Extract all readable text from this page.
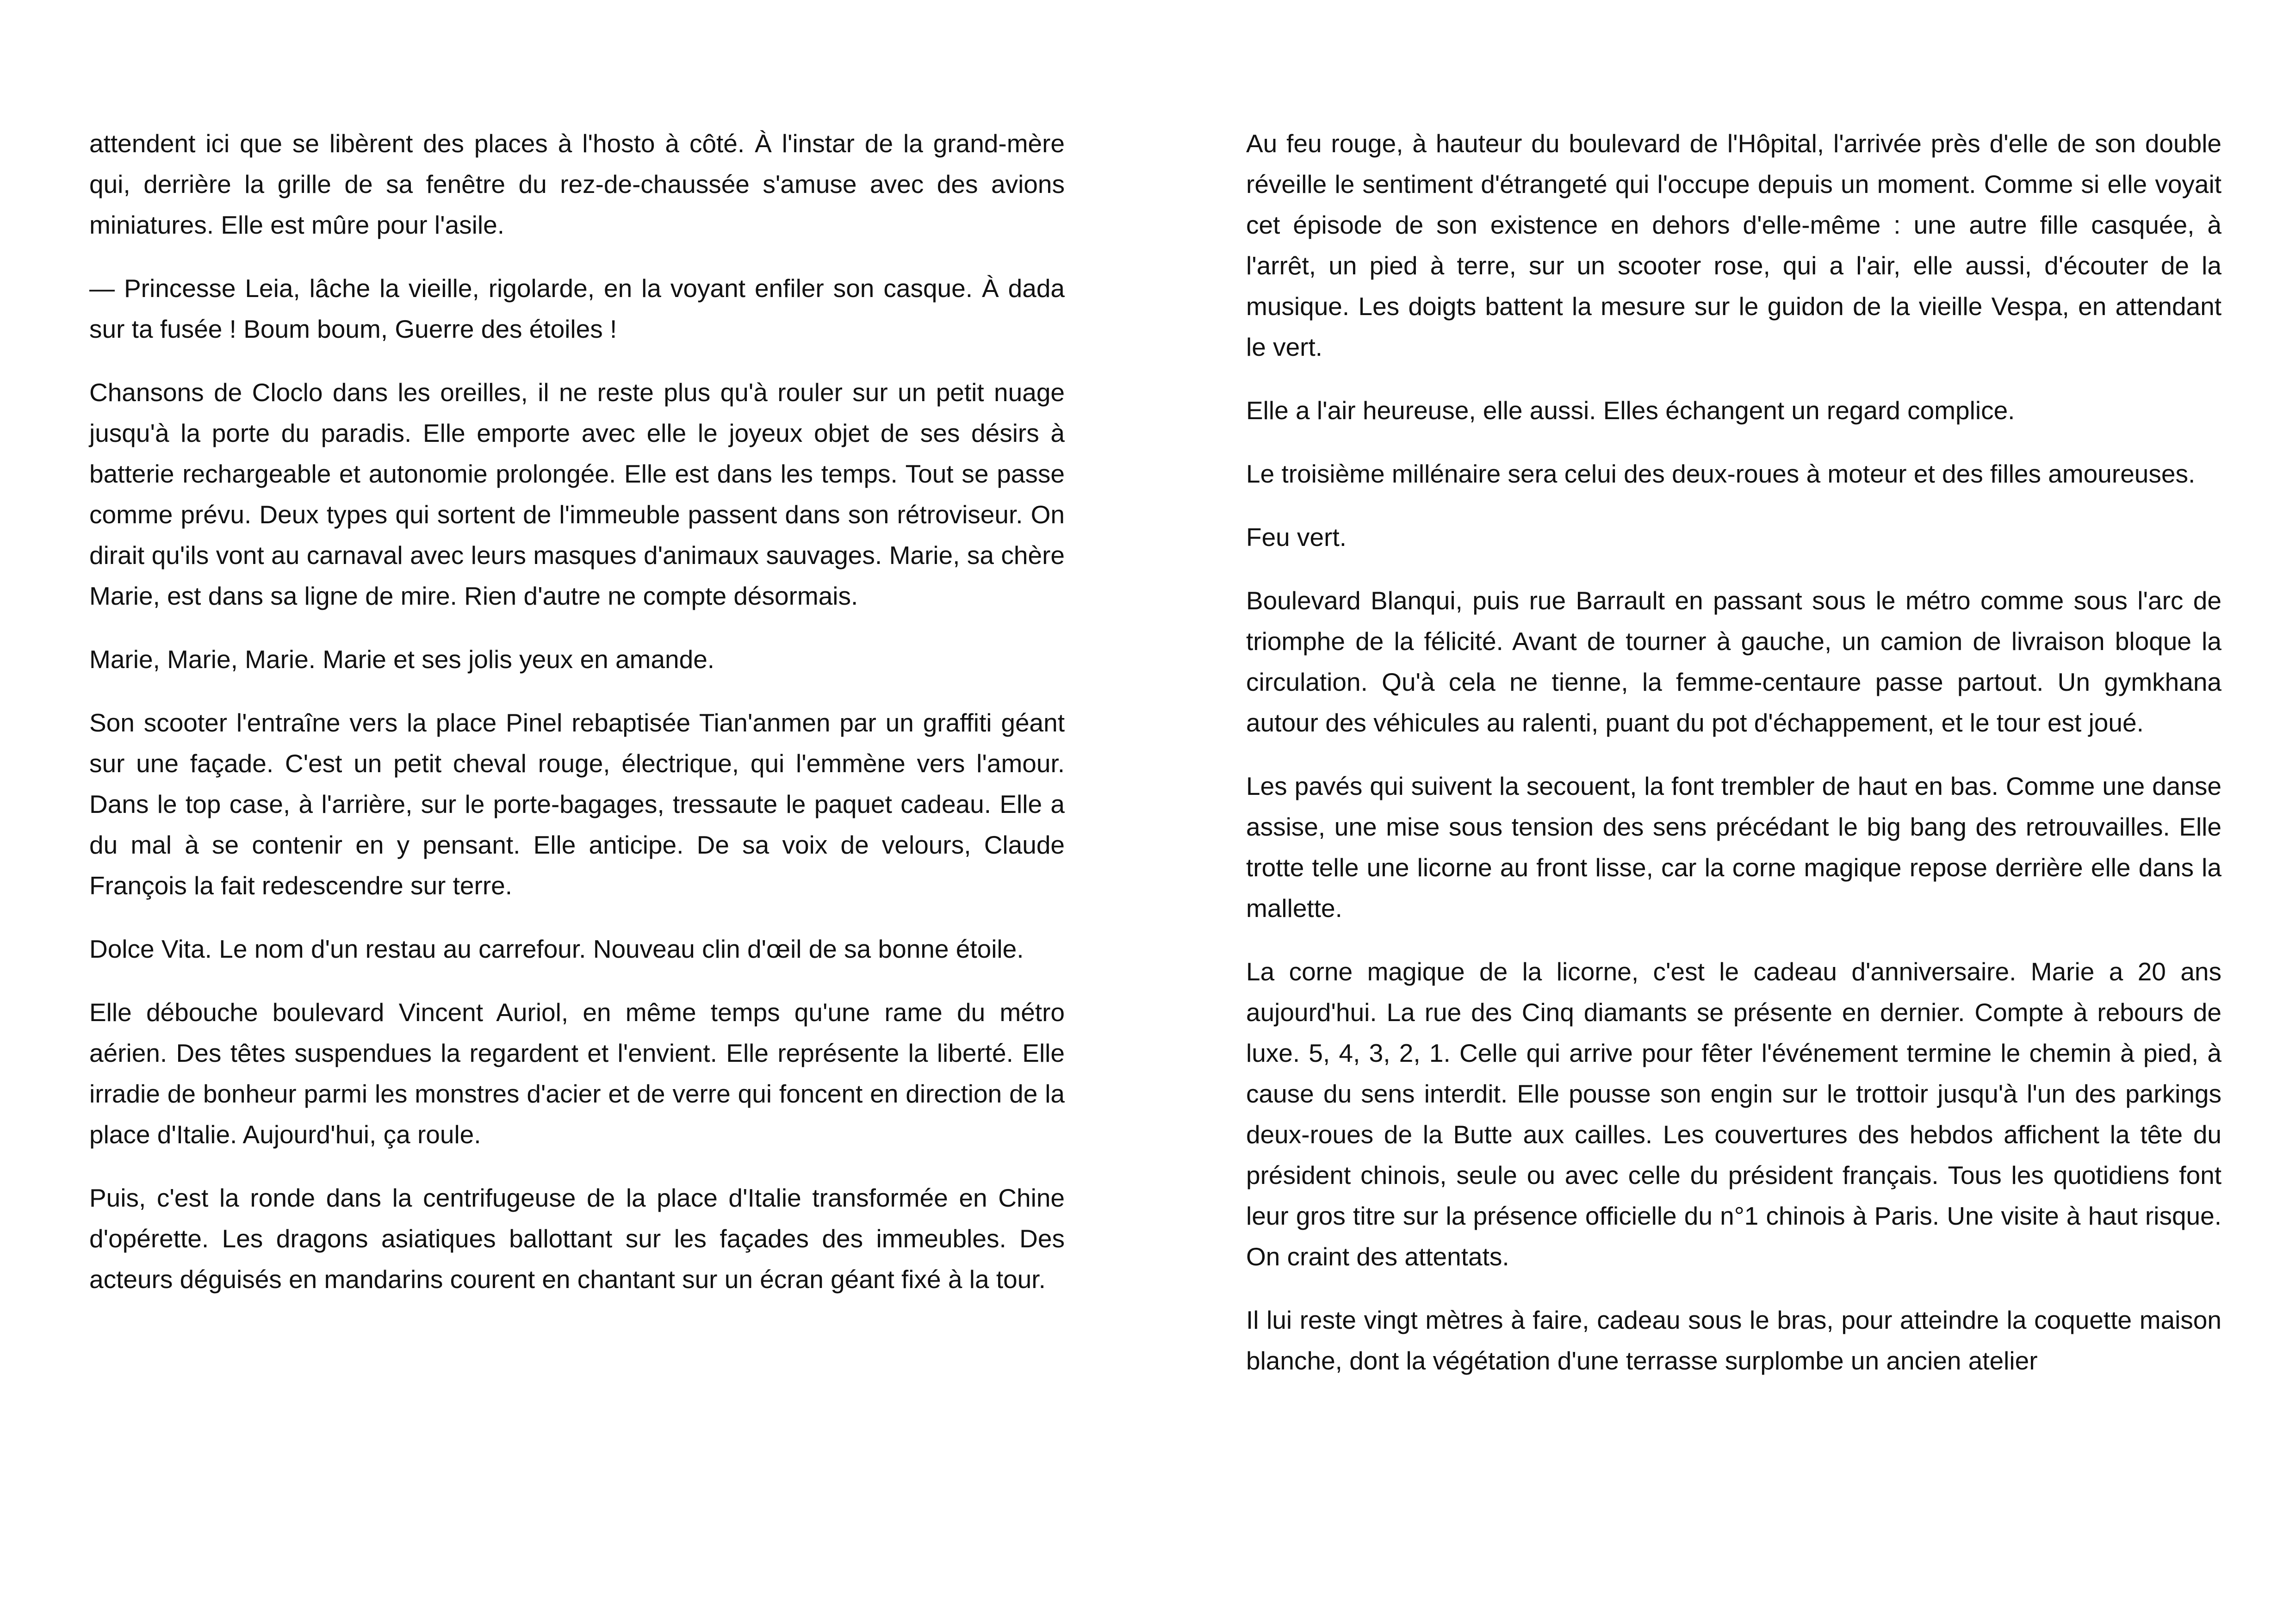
attendent ici que se libèrent des places à l'hosto à côté. À l'instar de la grand-mère qui, derrière la grille de sa fenêtre du rez-de-chaussée s'amuse avec des avions miniatures. Elle est mûre pour l'asile.

— Princesse Leia, lâche la vieille, rigolarde, en la voyant enfiler son casque. À dada sur ta fusée ! Boum boum, Guerre des étoiles !

Chansons de Cloclo dans les oreilles, il ne reste plus qu'à rouler sur un petit nuage jusqu'à la porte du paradis. Elle emporte avec elle le joyeux objet de ses désirs à batterie rechargeable et autonomie prolongée. Elle est dans les temps. Tout se passe comme prévu. Deux types qui sortent de l'immeuble passent dans son rétroviseur. On dirait qu'ils vont au carnaval avec leurs masques d'animaux sauvages. Marie, sa chère Marie, est dans sa ligne de mire. Rien d'autre ne compte désormais.

Marie, Marie, Marie. Marie et ses jolis yeux en amande.

Son scooter l'entraîne vers la place Pinel rebaptisée Tian'anmen par un graffiti géant sur une façade. C'est un petit cheval rouge, électrique, qui l'emmène vers l'amour. Dans le top case, à l'arrière, sur le porte-bagages, tressaute le paquet cadeau. Elle a du mal à se contenir en y pensant. Elle anticipe. De sa voix de velours, Claude François la fait redescendre sur terre.

Dolce Vita. Le nom d'un restau au carrefour. Nouveau clin d'œil de sa bonne étoile.

Elle débouche boulevard Vincent Auriol, en même temps qu'une rame du métro aérien. Des têtes suspendues la regardent et l'envient. Elle représente la liberté. Elle irradie de bonheur parmi les monstres d'acier et de verre qui foncent en direction de la place d'Italie. Aujourd'hui, ça roule.

Puis, c'est la ronde dans la centrifugeuse de la place d'Italie transformée en Chine d'opérette. Les dragons asiatiques ballottant sur les façades des immeubles. Des acteurs déguisés en mandarins courent en chantant sur un écran géant fixé à la tour.

Au feu rouge, à hauteur du boulevard de l'Hôpital, l'arrivée près d'elle de son double réveille le sentiment d'étrangeté qui l'occupe depuis un moment. Comme si elle voyait cet épisode de son existence en dehors d'elle-même : une autre fille casquée, à l'arrêt, un pied à terre, sur un scooter rose, qui a l'air, elle aussi, d'écouter de la musique. Les doigts battent la mesure sur le guidon de la vieille Vespa, en attendant le vert.

Elle a l'air heureuse, elle aussi. Elles échangent un regard complice.

Le troisième millénaire sera celui des deux-roues à moteur et des filles amoureuses.

Feu vert.

Boulevard Blanqui, puis rue Barrault en passant sous le métro comme sous l'arc de triomphe de la félicité. Avant de tourner à gauche, un camion de livraison bloque la circulation. Qu'à cela ne tienne, la femme-centaure passe partout. Un gymkhana autour des véhicules au ralenti, puant du pot d'échappement, et le tour est joué.

Les pavés qui suivent la secouent, la font trembler de haut en bas. Comme une danse assise, une mise sous tension des sens précédant le big bang des retrouvailles. Elle trotte telle une licorne au front lisse, car la corne magique repose derrière elle dans la mallette.

La corne magique de la licorne, c'est le cadeau d'anniversaire. Marie a 20 ans aujourd'hui. La rue des Cinq diamants se présente en dernier. Compte à rebours de luxe. 5, 4, 3, 2, 1. Celle qui arrive pour fêter l'événement termine le chemin à pied, à cause du sens interdit. Elle pousse son engin sur le trottoir jusqu'à l'un des parkings deux-roues de la Butte aux cailles. Les couvertures des hebdos affichent la tête du président chinois, seule ou avec celle du président français. Tous les quotidiens font leur gros titre sur la présence officielle du n°1 chinois à Paris. Une visite à haut risque. On craint des attentats.

Il lui reste vingt mètres à faire, cadeau sous le bras, pour atteindre la coquette maison blanche, dont la végétation d'une terrasse surplombe un ancien atelier
